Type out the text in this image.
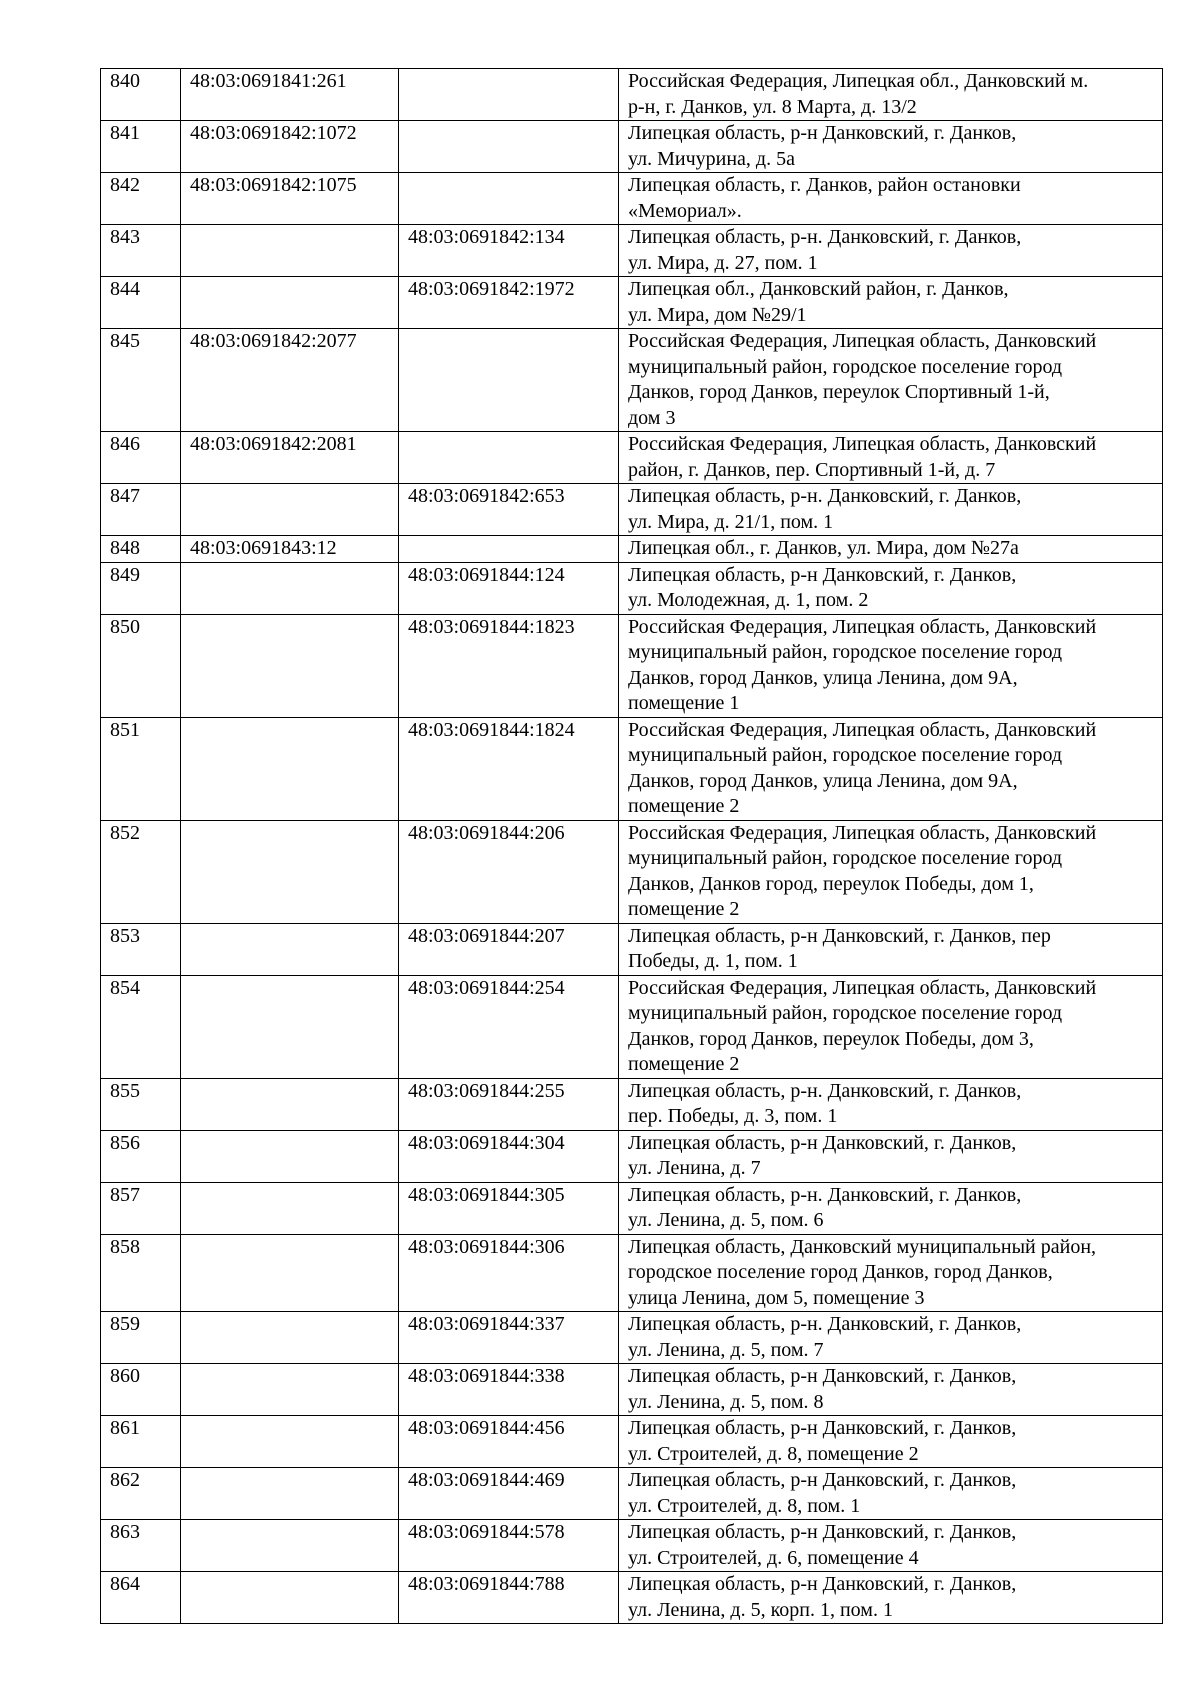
840	48:03:0691841:261		Российская Федерация, Липецкая обл., Данковский м.
р-н, г. Данков, ул. 8 Марта, д. 13/2
841	48:03:0691842:1072		Липецкая область, р-н Данковский, г. Данков,
ул. Мичурина, д. 5а
842	48:03:0691842:1075		Липецкая область, г. Данков, район остановки
«Мемориал».
843		48:03:0691842:134	Липецкая область, р-н. Данковский, г. Данков,
ул. Мира, д. 27, пом. 1
844		48:03:0691842:1972	Липецкая обл., Данковский район, г. Данков,
ул. Мира, дом №29/1
845	48:03:0691842:2077		Российская Федерация, Липецкая область, Данковский
муниципальный район, городское поселение город
Данков, город Данков, переулок Спортивный 1-й,
дом 3
846	48:03:0691842:2081		Российская Федерация, Липецкая область, Данковский
район, г. Данков, пер. Спортивный 1-й, д. 7
847		48:03:0691842:653	Липецкая область, р-н. Данковский, г. Данков,
ул. Мира, д. 21/1, пом. 1
848	48:03:0691843:12		Липецкая обл., г. Данков, ул. Мира, дом №27а
849		48:03:0691844:124	Липецкая область, р-н Данковский, г. Данков,
ул. Молодежная, д. 1, пом. 2
850		48:03:0691844:1823	Российская Федерация, Липецкая область, Данковский
муниципальный район, городское поселение город
Данков, город Данков, улица Ленина, дом 9А,
помещение 1
851		48:03:0691844:1824	Российская Федерация, Липецкая область, Данковский
муниципальный район, городское поселение город
Данков, город Данков, улица Ленина, дом 9А,
помещение 2
852		48:03:0691844:206	Российская Федерация, Липецкая область, Данковский
муниципальный район, городское поселение город
Данков, Данков город, переулок Победы, дом 1,
помещение 2
853		48:03:0691844:207	Липецкая область, р-н Данковский, г. Данков, пер
Победы, д. 1, пом. 1
854		48:03:0691844:254	Российская Федерация, Липецкая область, Данковский
муниципальный район, городское поселение город
Данков, город Данков, переулок Победы, дом 3,
помещение 2
855		48:03:0691844:255	Липецкая область, р-н. Данковский, г. Данков,
пер. Победы, д. 3, пом. 1
856		48:03:0691844:304	Липецкая область, р-н Данковский, г. Данков,
ул. Ленина, д. 7
857		48:03:0691844:305	Липецкая область, р-н. Данковский, г. Данков,
ул. Ленина, д. 5, пом. 6
858		48:03:0691844:306	Липецкая область, Данковский муниципальный район,
городское поселение город Данков, город Данков,
улица Ленина, дом 5, помещение 3
859		48:03:0691844:337	Липецкая область, р-н. Данковский, г. Данков,
ул. Ленина, д. 5, пом. 7
860		48:03:0691844:338	Липецкая область, р-н Данковский, г. Данков,
ул. Ленина, д. 5, пом. 8
861		48:03:0691844:456	Липецкая область, р-н Данковский, г. Данков,
ул. Строителей, д. 8, помещение 2
862		48:03:0691844:469	Липецкая область, р-н Данковский, г. Данков,
ул. Строителей, д. 8, пом. 1
863		48:03:0691844:578	Липецкая область, р-н Данковский, г. Данков,
ул. Строителей, д. 6, помещение 4
864		48:03:0691844:788	Липецкая область, р-н Данковский, г. Данков,
ул. Ленина, д. 5, корп. 1, пом. 1
